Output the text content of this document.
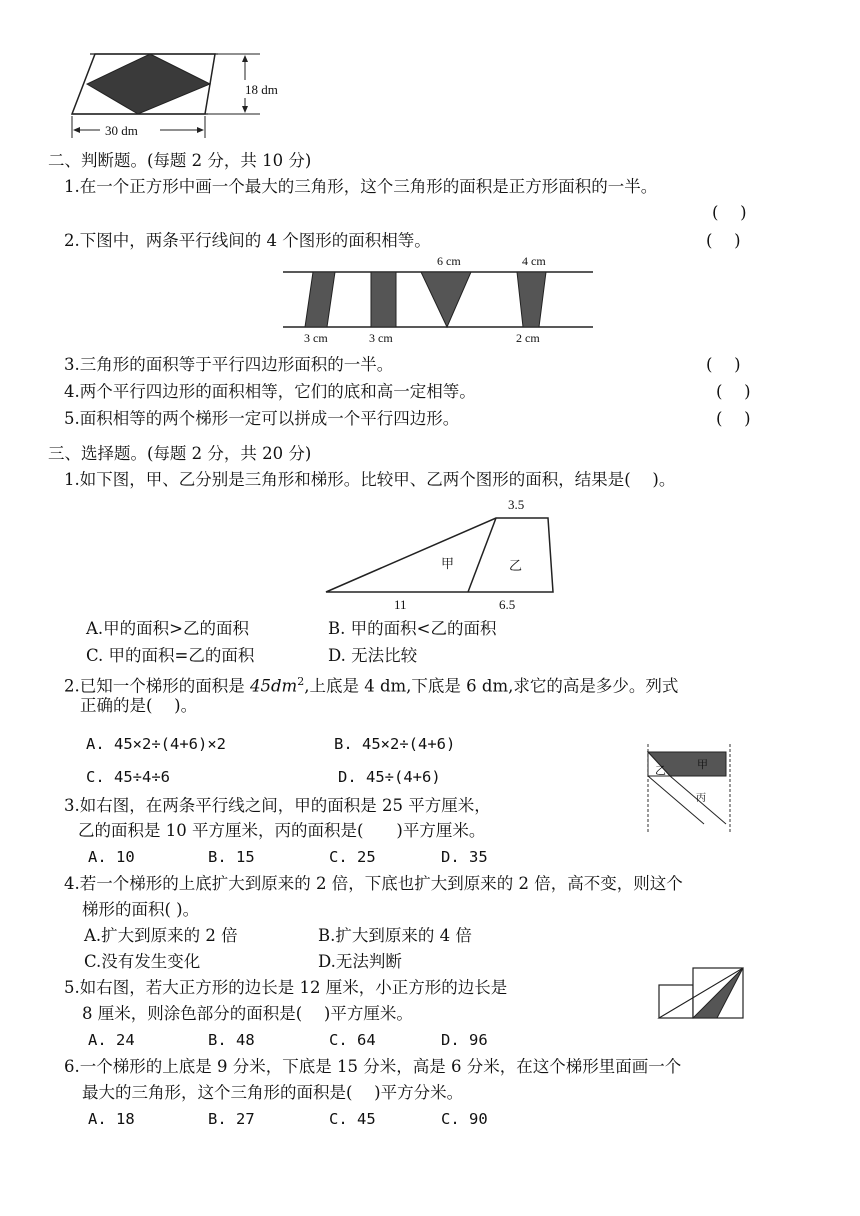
18 dm
30 dm
二、判断题。(每题 2 分，共 10 分)
1.在一个正方形中画一个最大的三角形，这个三角形的面积是正方形面积的一半。
(　 )
2.下图中，两条平行线间的 4 个图形的面积相等。	(　 )
6 cm	4 cm
3 cm	3 cm	2 cm
3.三角形的面积等于平行四边形面积的一半。	(　 )
4.两个平行四边形的面积相等，它们的底和高一定相等。	(　 )
5.面积相等的两个梯形一定可以拼成一个平行四边形。	(　 )
三、选择题。(每题 2 分，共 20 分)
1.如下图，甲、乙分别是三角形和梯形。比较甲、乙两个图形的面积，结果是(　 )。
3.5
甲	乙
11	6.5
A.甲的面积>乙的面积	B. 甲的面积<乙的面积
C. 甲的面积=乙的面积	D. 无法比较
2.已知一个梯形的面积是 $45dm^2$,上底是 4 dm,下底是 6 dm,求它的高是多少。列式
正确的是(　 )。
A. 45×2÷(4+6)×2	B. 45×2÷(4+6)
C. 45÷4÷6	D. 45÷(4+6)	乙	甲
丙
3.如右图，在两条平行线之间，甲的面积是 25 平方厘米，
乙的面积是 10 平方厘米，丙的面积是(　　)平方厘米。
A. 10	B. 15	C. 25	D. 35
4.若一个梯形的上底扩大到原来的 2 倍，下底也扩大到原来的 2 倍，高不变，则这个
梯形的面积( )。
A.扩大到原来的 2 倍	B.扩大到原来的 4 倍
C.没有发生变化	D.无法判断
5.如右图，若大正方形的边长是 12 厘米，小正方形的边长是
8 厘米，则涂色部分的面积是(　 )平方厘米。
A. 24	B. 48	C. 64	D. 96
6.一个梯形的上底是 9 分米，下底是 15 分米，高是 6 分米，在这个梯形里面画一个
最大的三角形，这个三角形的面积是(　 )平方分米。
A. 18	B. 27	C. 45	C. 90
